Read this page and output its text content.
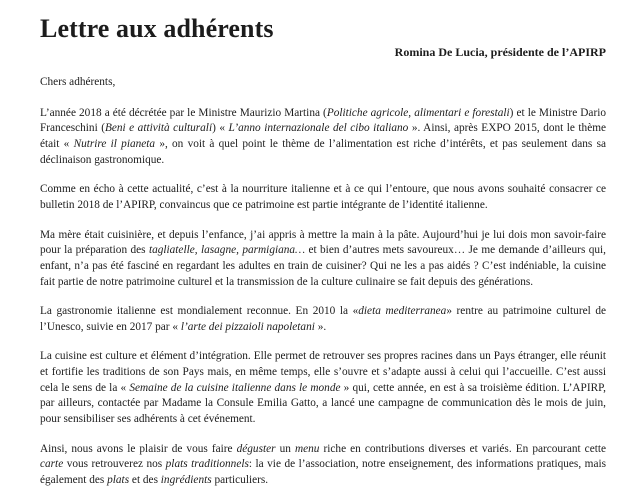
Lettre aux adhérents

Romina De Lucia, présidente de l’APIRP

Chers adhérents,

L’année 2018 a été décrétée par le Ministre Maurizio Martina (Politiche agricole, alimentari e forestali) et le Ministre Dario Franceschini (Beni e attività culturali) « L’anno internazionale del cibo italiano ». Ainsi, après EXPO 2015, dont le thème était « Nutrire il pianeta », on voit à quel point le thème de l’alimentation est riche d’intérêts, et pas seulement dans sa déclinaison gastronomique.

Comme en écho à cette actualité, c’est à la nourriture italienne et à ce qui l’entoure, que nous avons souhaité consacrer ce bulletin 2018 de l’APIRP, convaincus que ce patrimoine est partie intégrante de l’identité italienne.

Ma mère était cuisinière, et depuis l’enfance, j’ai appris à mettre la main à la pâte. Aujourd’hui je lui dois mon savoir-faire pour la préparation des tagliatelle, lasagne, parmigiana… et bien d’autres mets savoureux… Je me demande d’ailleurs qui, enfant, n’a pas été fasciné en regardant les adultes en train de cuisiner? Qui ne les a pas aidés ? C’est indéniable, la cuisine fait partie de notre patrimoine culturel et la transmission de la culture culinaire se fait depuis des générations.

La gastronomie italienne est mondialement reconnue. En 2010 la «dieta mediterranea» rentre au patrimoine culturel de l’Unesco, suivie en 2017 par « l’arte dei pizzaioli napoletani ».

La cuisine est culture et élément d’intégration. Elle permet de retrouver ses propres racines dans un Pays étranger, elle réunit et fortifie les traditions de son Pays mais, en même temps, elle s’ouvre et s’adapte aussi à celui qui l’accueille. C’est aussi cela le sens de la « Semaine de la cuisine italienne dans le monde » qui, cette année, en est à sa troisième édition. L’APIRP, par ailleurs, contactée par Madame la Consule Emilia Gatto, a lancé une campagne de communication dès le mois de juin, pour sensibiliser ses adhérents à cet événement.

Ainsi, nous avons le plaisir de vous faire déguster un menu riche en contributions diverses et variés. En parcourant cette carte vous retrouverez nos plats traditionnels: la vie de l’association, notre enseignement, des informations pratiques, mais également des plats et des ingrédients particuliers.
